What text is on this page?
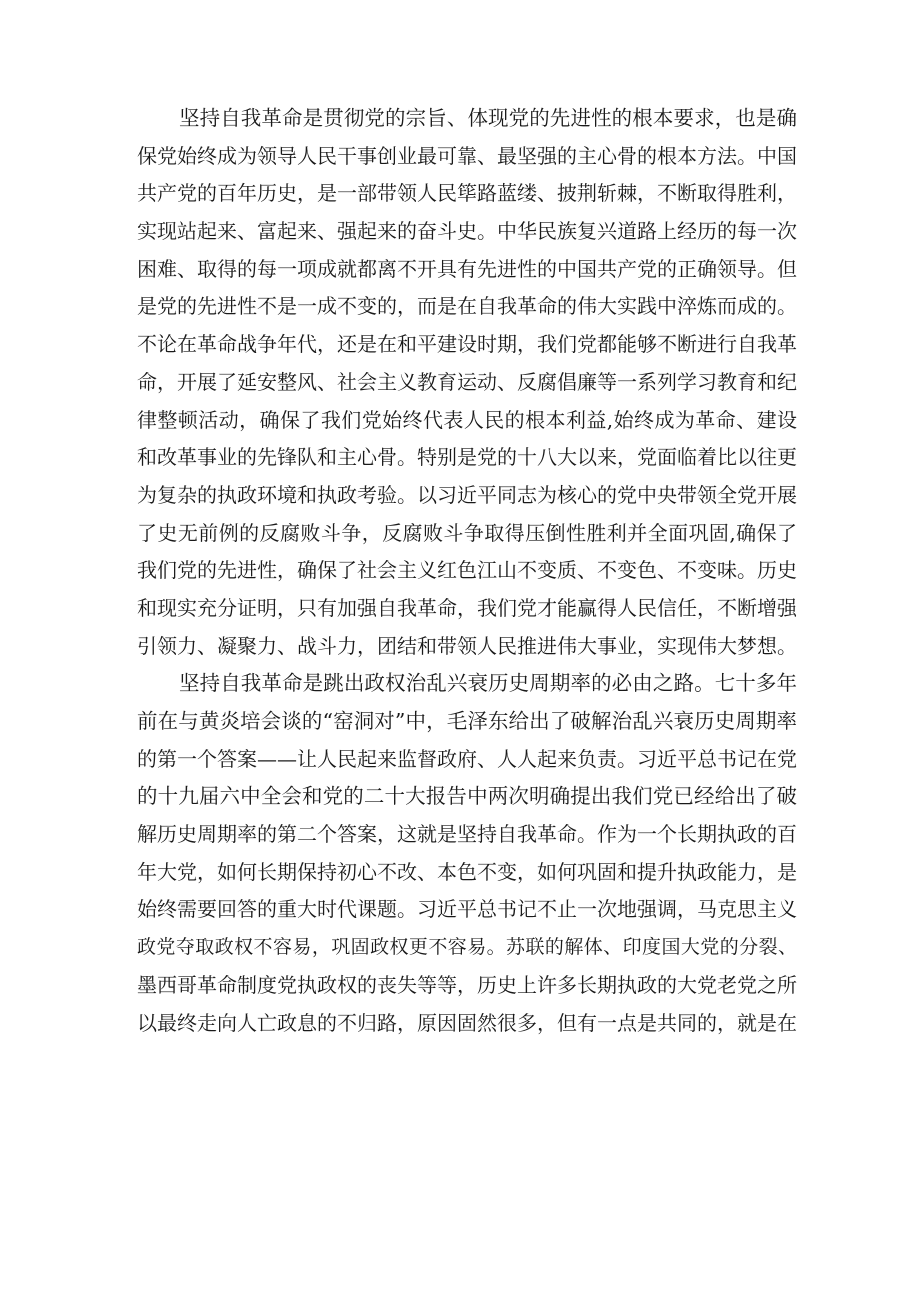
坚持自我革命是贯彻党的宗旨、体现党的先进性的根本要求，也是确
保党始终成为领导人民干事创业最可靠、最坚强的主心骨的根本方法。中国
共产党的百年历史，是一部带领人民筚路蓝缕、披荆斩棘，不断取得胜利，
实现站起来、富起来、强起来的奋斗史。中华民族复兴道路上经历的每一次
困难、取得的每一项成就都离不开具有先进性的中国共产党的正确领导。但
是党的先进性不是一成不变的，而是在自我革命的伟大实践中淬炼而成的。
不论在革命战争年代，还是在和平建设时期，我们党都能够不断进行自我革
命，开展了延安整风、社会主义教育运动、反腐倡廉等一系列学习教育和纪
律整顿活动，确保了我们党始终代表人民的根本利益,始终成为革命、建设
和改革事业的先锋队和主心骨。特别是党的十八大以来，党面临着比以往更
为复杂的执政环境和执政考验。以习近平同志为核心的党中央带领全党开展
了史无前例的反腐败斗争，反腐败斗争取得压倒性胜利并全面巩固,确保了
我们党的先进性，确保了社会主义红色江山不变质、不变色、不变味。历史
和现实充分证明，只有加强自我革命，我们党才能赢得人民信任，不断增强
引领力、凝聚力、战斗力，团结和带领人民推进伟大事业，实现伟大梦想。
坚持自我革命是跳出政权治乱兴衰历史周期率的必由之路。七十多年
前在与黄炎培会谈的“窑洞对”中，毛泽东给出了破解治乱兴衰历史周期率
的第一个答案——让人民起来监督政府、人人起来负责。习近平总书记在党
的十九届六中全会和党的二十大报告中两次明确提出我们党已经给出了破
解历史周期率的第二个答案，这就是坚持自我革命。作为一个长期执政的百
年大党，如何长期保持初心不改、本色不变，如何巩固和提升执政能力，是
始终需要回答的重大时代课题。习近平总书记不止一次地强调，马克思主义
政党夺取政权不容易，巩固政权更不容易。苏联的解体、印度国大党的分裂、
墨西哥革命制度党执政权的丧失等等，历史上许多长期执政的大党老党之所
以最终走向人亡政息的不归路，原因固然很多，但有一点是共同的，就是在
